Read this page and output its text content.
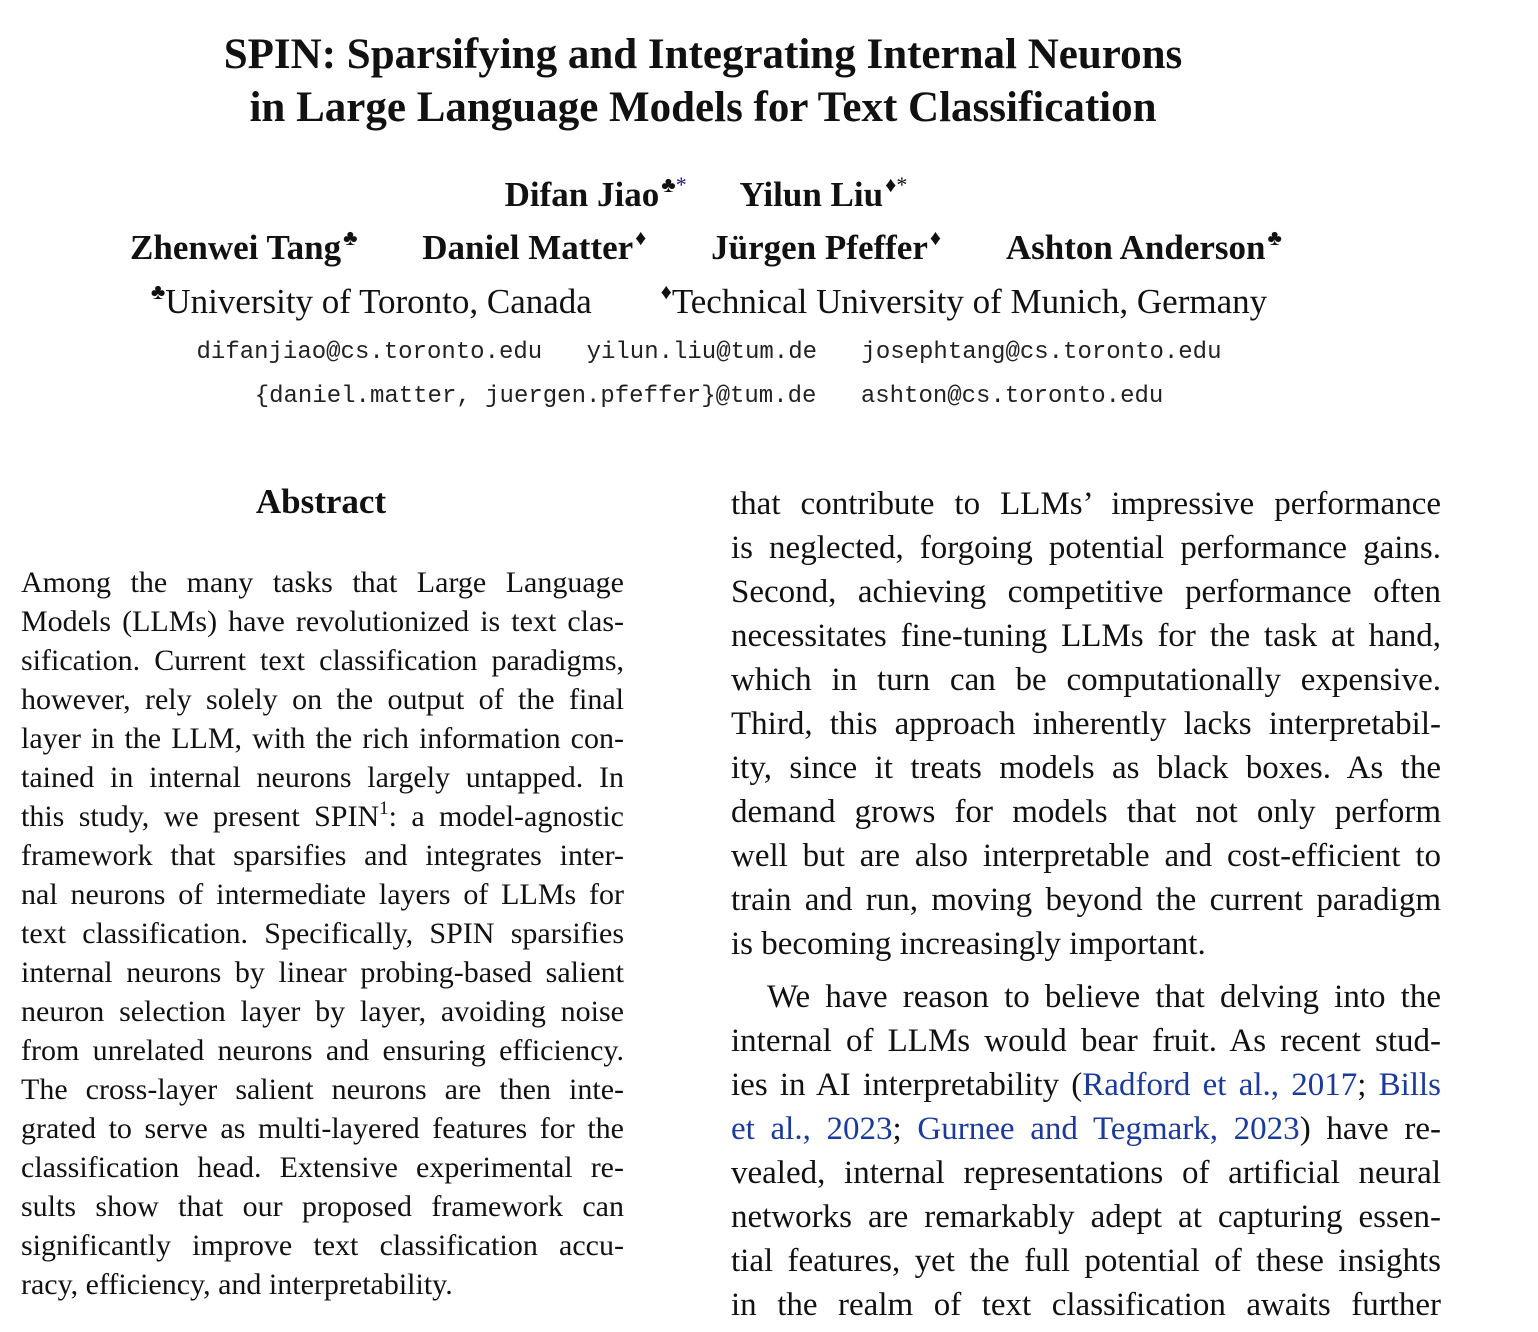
SPIN: Sparsifying and Integrating Internal Neurons
in Large Language Models for Text Classification
Difan Jiao♣* Yilun Liu♦*
Zhenwei Tang♣ Daniel Matter♦ Jürgen Pfeffer♦ Ashton Anderson♣
♣University of Toronto, Canada	♦Technical University of Munich, Germany
difanjiao@cs.toronto.edu yilun.liu@tum.de josephtang@cs.toronto.edu
{daniel.matter, juergen.pfeffer}@tum.de ashton@cs.toronto.edu
Abstract
Among the many tasks that Large Language
Models (LLMs) have revolutionized is text clas-
sification. Current text classification paradigms,
however, rely solely on the output of the final
layer in the LLM, with the rich information con-
tained in internal neurons largely untapped. In
this study, we present SPIN$^1$: a model-agnostic
framework that sparsifies and integrates inter-
nal neurons of intermediate layers of LLMs for
text classification. Specifically, SPIN sparsifies
internal neurons by linear probing-based salient
neuron selection layer by layer, avoiding noise
from unrelated neurons and ensuring efficiency.
The cross-layer salient neurons are then inte-
grated to serve as multi-layered features for the
classification head. Extensive experimental re-
sults show that our proposed framework can
significantly improve text classification accu-
racy, efficiency, and interpretability.
that contribute to LLMs’ impressive performance
is neglected, forgoing potential performance gains.
Second, achieving competitive performance often
necessitates fine-tuning LLMs for the task at hand,
which in turn can be computationally expensive.
Third, this approach inherently lacks interpretabil-
ity, since it treats models as black boxes. As the
demand grows for models that not only perform
well but are also interpretable and cost-efficient to
train and run, moving beyond the current paradigm
is becoming increasingly important.
We have reason to believe that delving into the
internal of LLMs would bear fruit. As recent stud-
ies in AI interpretability (Radford et al., 2017; Bills
et al., 2023; Gurnee and Tegmark, 2023) have re-
vealed, internal representations of artificial neural
networks are remarkably adept at capturing essen-
tial features, yet the full potential of these insights
in the realm of text classification awaits further
